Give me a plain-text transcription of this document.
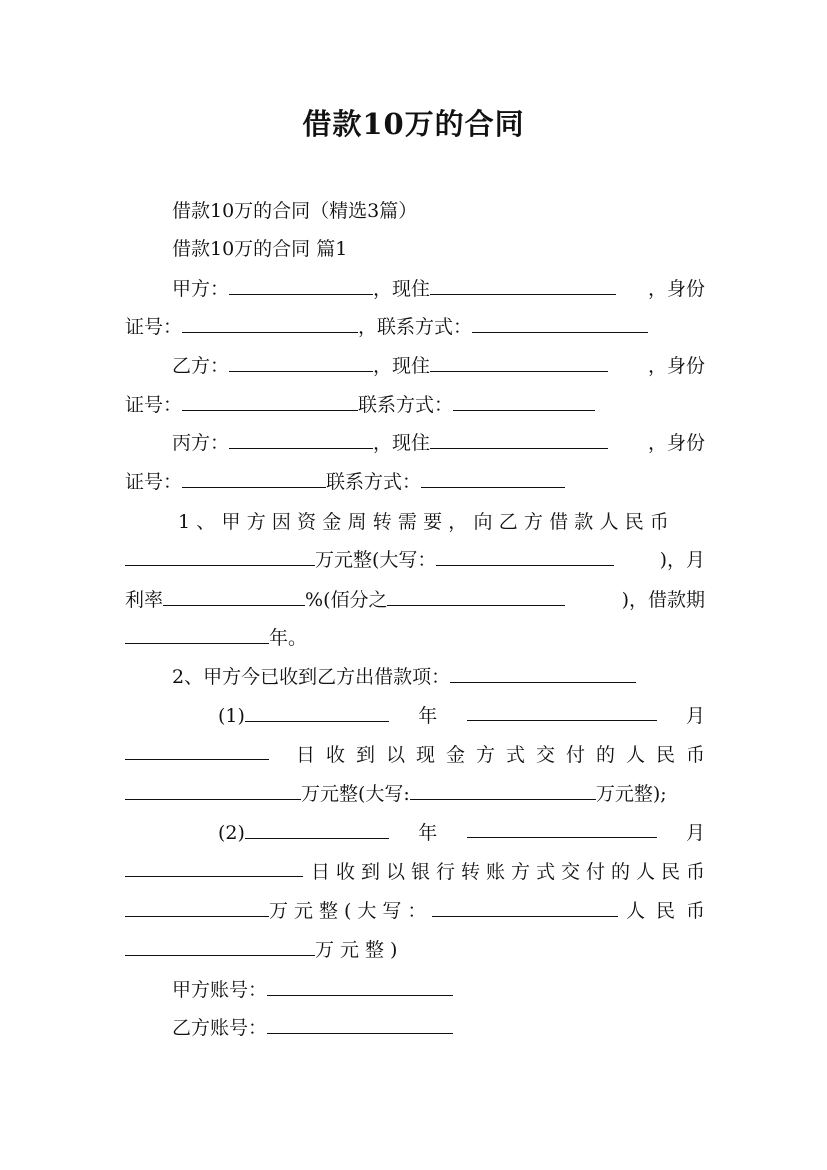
借款10万的合同
借款10万的合同（精选3篇）
借款10万的合同 篇1
甲方：	，现住	，身份
证号：	，联系方式：
乙方：	，现住	，身份
证号：	联系方式：
丙方：	，现住	，身份
证号：	联系方式：
1、甲方因资金周转需要，向乙方借款人民币
万元整(大写：	)，月
利率	%(佰分之	)，借款期
年。
2、甲方今已收到乙方出借款项：
(1)	年	月
日收到以现金方式交付的人民币
万元整(大写:	万元整);
(2)	年	月
日收到以银行转账方式交付的人民币
万元整(大写：	人民币
万元整)
甲方账号：
乙方账号：
